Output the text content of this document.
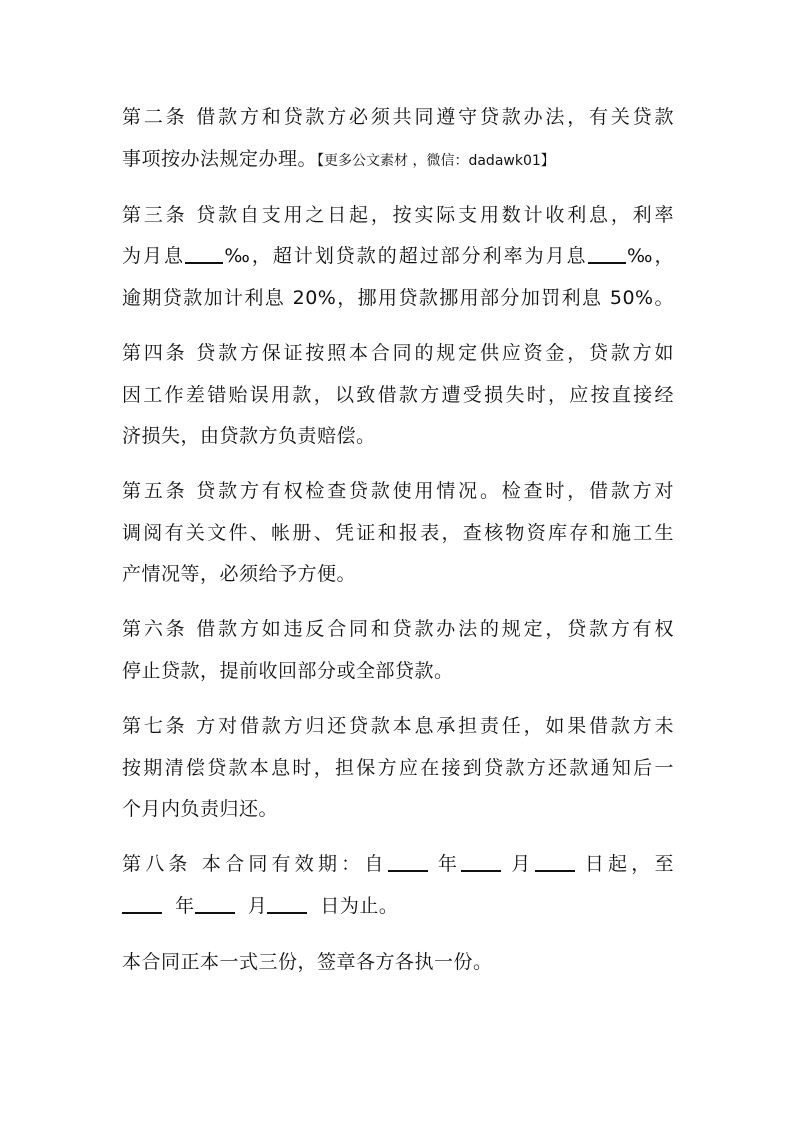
第二条 借款方和贷款方必须共同遵守贷款办法，有关贷款
事项按办法规定办理。【更多公文素材 ，微信：dadawk01】
第三条 贷款自支用之日起，按实际支用数计收利息，利率
为月息 ‰，超计划贷款的超过部分利率为月息 ‰，
逾期贷款加计利息 20%，挪用贷款挪用部分加罚利息 50%。
第四条 贷款方保证按照本合同的规定供应资金，贷款方如
因工作差错贻误用款，以致借款方遭受损失时，应按直接经
济损失，由贷款方负责赔偿。
第五条 贷款方有权检查贷款使用情况。检查时，借款方对
调阅有关文件、帐册、凭证和报表，查核物资库存和施工生
产情况等，必须给予方便。
第六条 借款方如违反合同和贷款办法的规定，贷款方有权
停止贷款，提前收回部分或全部贷款。
第七条 方对借款方归还贷款本息承担责任，如果借款方未
按期清偿贷款本息时，担保方应在接到贷款方还款通知后一
个月内负责归还。
第八条 本合同有效期：自	年	月	日起，至
年	月	日为止。
本合同正本一式三份，签章各方各执一份。
